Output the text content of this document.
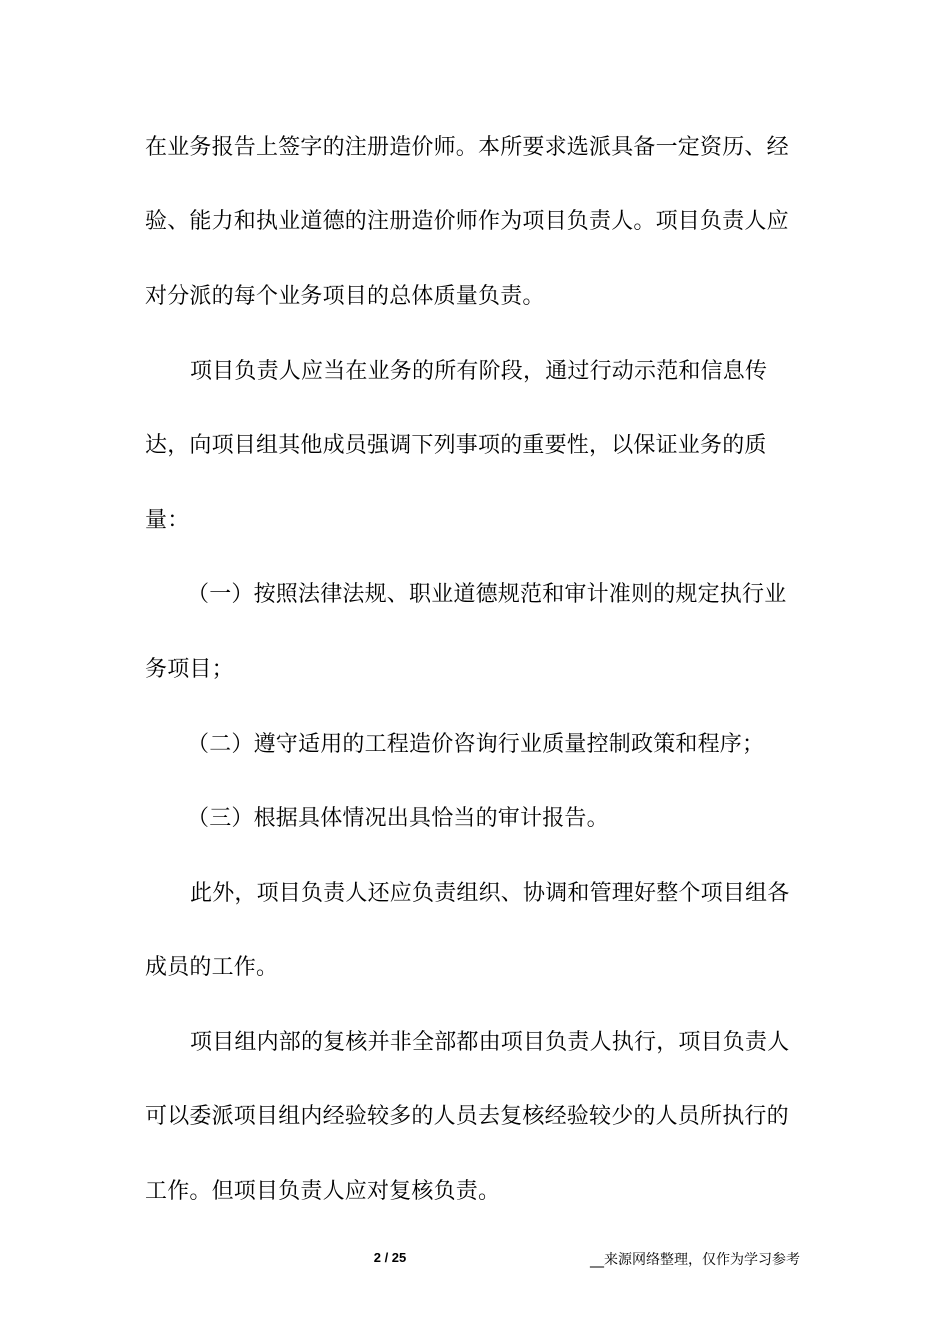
在业务报告上签字的注册造价师。本所要求选派具备一定资历、经
验、能力和执业道德的注册造价师作为项目负责人。项目负责人应
对分派的每个业务项目的总体质量负责。
项目负责人应当在业务的所有阶段，通过行动示范和信息传
达，向项目组其他成员强调下列事项的重要性，以保证业务的质
量：
（一）按照法律法规、职业道德规范和审计准则的规定执行业
务项目；
（二）遵守适用的工程造价咨询行业质量控制政策和程序；
（三）根据具体情况出具恰当的审计报告。
此外，项目负责人还应负责组织、协调和管理好整个项目组各
成员的工作。
项目组内部的复核并非全部都由项目负责人执行，项目负责人
可以委派项目组内经验较多的人员去复核经验较少的人员所执行的
工作。但项目负责人应对复核负责。
2 / 25	__来源网络整理，仅作为学习参考
